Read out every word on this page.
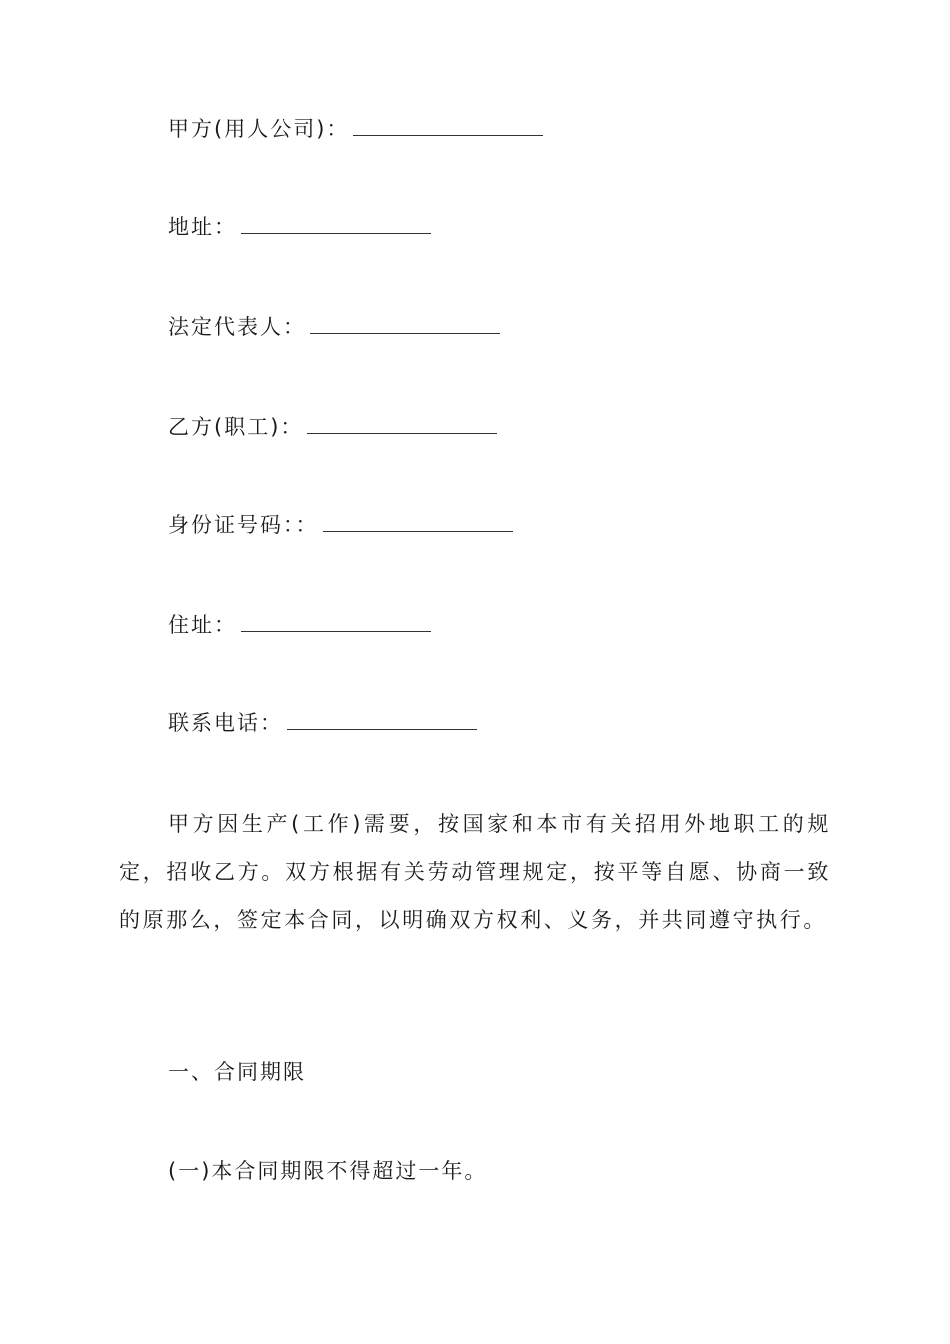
甲方(用人公司)：
地址：
法定代表人：
乙方(职工)：
身份证号码：：
住址：
联系电话：

甲方因生产(工作)需要，按国家和本市有关招用外地职工的规定，招收乙方。双方根据有关劳动管理规定，按平等自愿、协商一致的原那么，签定本合同，以明确双方权利、义务，并共同遵守执行。

一、合同期限
(一)本合同期限不得超过一年。
